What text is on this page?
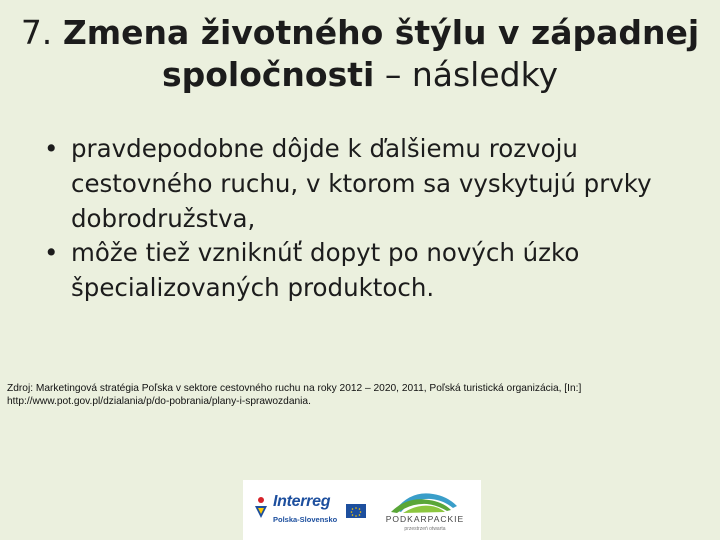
7. Zmena životného štýlu v západnej
spoločnosti – následky
• pravdepodobne dôjde k ďalšiemu rozvoju cestovného ruchu, v ktorom sa vyskytujú prvky dobrodružstva,
• môže tiež vzniknúť dopyt po nových úzko špecializovaných produktoch.
Zdroj: Marketingová stratégia Poľska v sektore cestovného ruchu na roky 2012 – 2020, 2011, Poľská turistická organizácia, [In:]
http://www.pot.gov.pl/dzialania/p/do-pobrania/plany-i-sprawozdania.
Interreg
Polska-Slovensko	PODKARPACKIE
przestrzeń otwarta
